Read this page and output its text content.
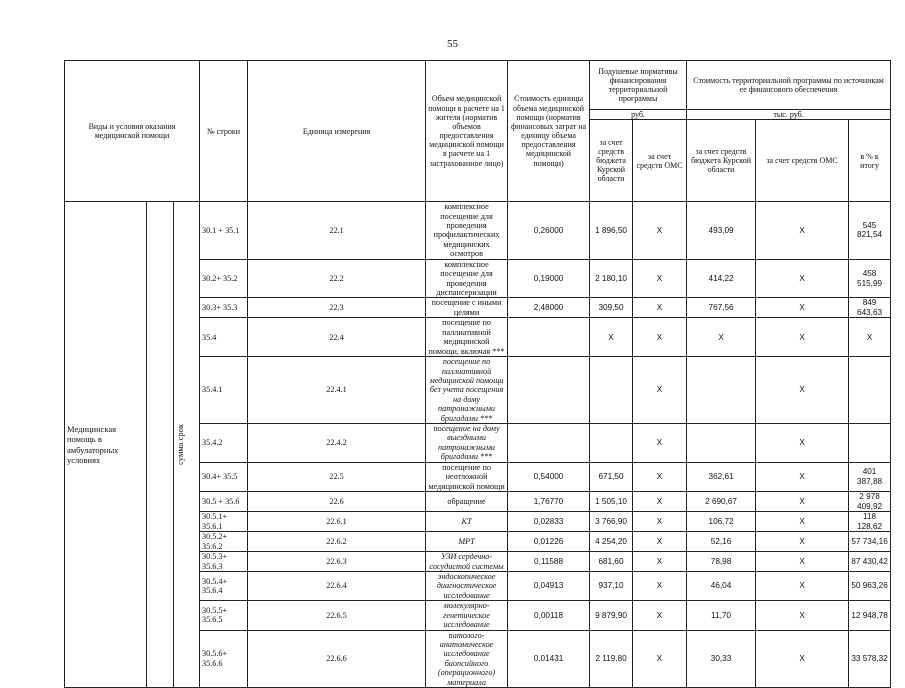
55
Виды и условия оказания медицинской помощи			№ строки	Единица измерения	Объем медицинской помощи в расчете на 1 жителя (норматив объемов предоставления медицинской помощи в расчете на 1 застрахованное лицо)	Стоимость единицы объема медицинской помощи (норматив финансовых затрат на единицу объема предоставления медицинской помощи)	Подушевые нормативы финансирования территориальной программы		Стоимость территориальной программы по источникам ее финансового обеспечения			
							руб.		тыс. руб.			
							за счет средств бюджета Курской области	за счет средств ОМС	за счет средств бюджета Курской области	за счет средств ОМС	в % к итогу	
Медицинская помощь в амбулаторных условиях		сумма срок	30.1 + 35.1	22.1	комплексное посещение для проведения профилактических медицинских осмотров	0,26000	1 896,50	X	493,09	X	545 821,54	
			30.2+ 35.2	22.2	комплексное посещение для проведения диспансеризации	0,19000	2 180,10	X	414,22	X	458 515,99	
			30.3+ 35.3	22.3	посещение с иными целями	2,48000	309,50	X	767,56	X	849 643,63	
			35.4	22.4	посещение по паллиативной медицинской помощи, включая ***		X	X	X	X	X	
			35.4.1	22.4.1	посещение по паллиативной медицинской помощи без учета посещения на дому патронажными бригадами ***			X		X		
			35.4.2	22.4.2	посещение на дому выездными патронажными бригадами ***			X		X		
			30.4+ 35.5	22.5	посещение по неотложной медицинской помощи	0,54000	671,50	X	362,61	X	401 387,88	
			30.5 + 35.6	22.6	обращение	1,76770	1 505,10	X	2 690,67	X	2 978 409,92	
			30.5.1+ 35.6.1	22.6.1	КТ	0,02833	3 766,90	X	106,72	X	118 128,62	
			30.5.2+ 35.6.2	22.6.2	МРТ	0,01226	4 254,20	X	52,16	X	57 734,16	
			30.5.3+ 35.6.3	22.6.3	УЗИ сердечно-сосудистой системы	0,11588	681,60	X	78,98	X	87 430,42	
			30.5.4+ 35.6.4	22.6.4	эндоскопическое диагностическое исследование	0,04913	937,10	X	46,04	X	50 963,26	
			30.5.5+ 35.6.5	22.6.5	молекулярно-генетическое исследование	0,00118	9 879,90	X	11,70	X	12 948,78	
			30.5.6+ 35.6.6	22.6.6	патолого-анатомическое исследование биопсийного (операционного) материала	0,01431	2 119,80	X	30,33	X	33 578,32	
